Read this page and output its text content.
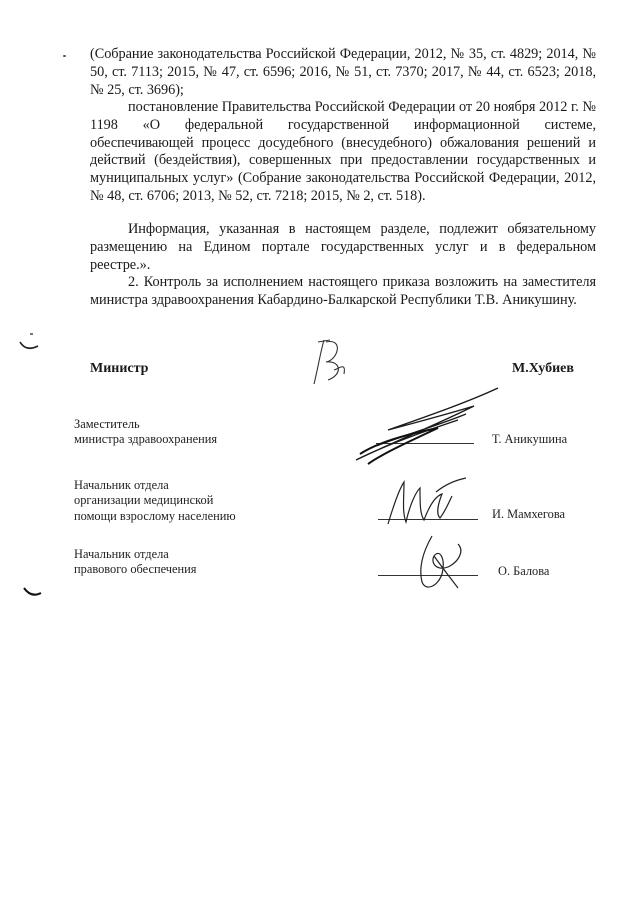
(Собрание законодательства Российской Федерации, 2012, № 35, ст. 4829; 2014, № 50, ст. 7113; 2015, № 47, ст. 6596; 2016, № 51, ст. 7370; 2017, № 44, ст. 6523; 2018, № 25, ст. 3696);
постановление Правительства Российской Федерации от 20 ноября 2012 г. № 1198 «О федеральной государственной информационной системе, обеспечивающей процесс досудебного (внесудебного) обжалования решений и действий (бездействия), совершенных при предоставлении государственных и муниципальных услуг» (Собрание законодательства Российской Федерации, 2012, № 48, ст. 6706; 2013, № 52, ст. 7218; 2015, № 2, ст. 518).
Информация, указанная в настоящем разделе, подлежит обязательному размещению на Едином портале государственных услуг и в федеральном реестре.».
2. Контроль за исполнением настоящего приказа возложить на заместителя министра здравоохранения Кабардино-Балкарской Республики Т.В. Аникушину.
Министр	М.Хубиев
Заместитель
министра здравоохранения	Т. Аникушина
Начальник отдела
организации медицинской
помощи взрослому населению	И. Мамхегова
Начальник отдела
правового обеспечения	О. Балова
